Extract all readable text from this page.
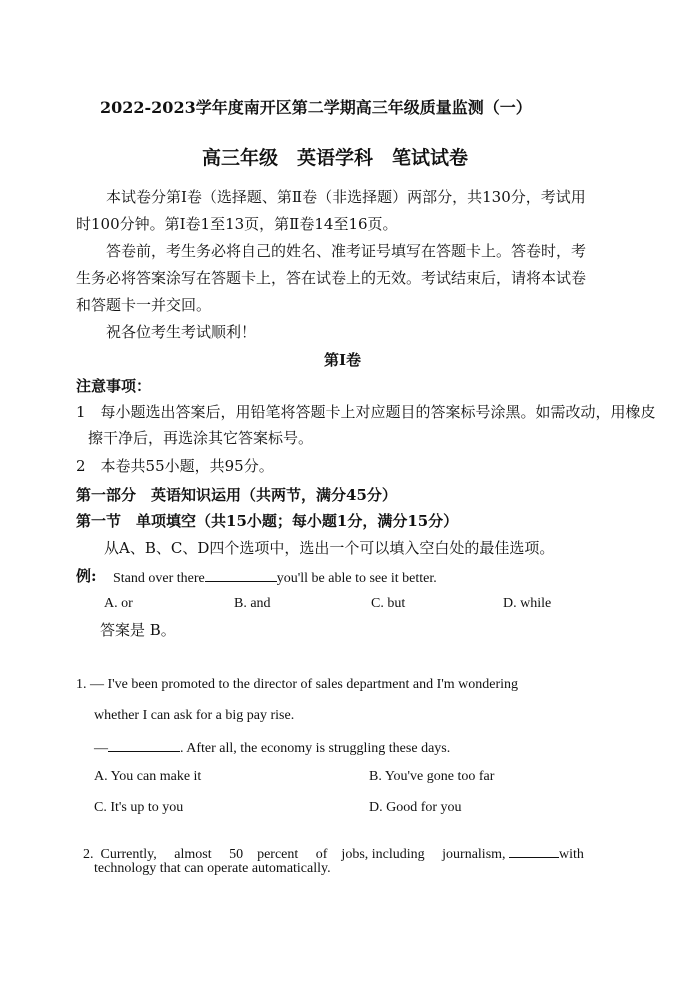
2022-2023学年度南开区第二学期高三年级质量监测（一）
高三年级　英语学科　笔试试卷
本试卷分第Ⅰ卷（选择题、第Ⅱ卷（非选择题）两部分，共130分，考试用
时100分钟。第Ⅰ卷1至13页，第Ⅱ卷14至16页。
答卷前，考生务必将自己的姓名、准考证号填写在答题卡上。答卷时，考
生务必将答案涂写在答题卡上，答在试卷上的无效。考试结束后，请将本试卷
和答题卡一并交回。
祝各位考生考试顺利！
第Ⅰ卷
注意事项：
1　每小题选出答案后，用铅笔将答题卡上对应题目的答案标号涂黑。如需改动，用橡皮
擦干净后，再选涂其它答案标号。
2　本卷共55小题，共95分。
第一部分　英语知识运用（共两节，满分45分）
第一节　单项填空（共15小题；每小题1分，满分15分）
从A、B、C、D四个选项中，选出一个可以填入空白处的最佳选项。
例: Stand over there	you'll be able to see it better.
A. or	B. and	C. but	D. while
答案是 B。
1. — I've been promoted to the director of sales department and I'm wondering
whether I can ask for a big pay rise.
—	. After all, the economy is struggling these days.
A. You can make it	B. You've gone too far
C. It's up to you	D. Good for you

2.  Currently,     almost     50    percent     of    jobs, including     journalism,	with

technology that can operate automatically.
